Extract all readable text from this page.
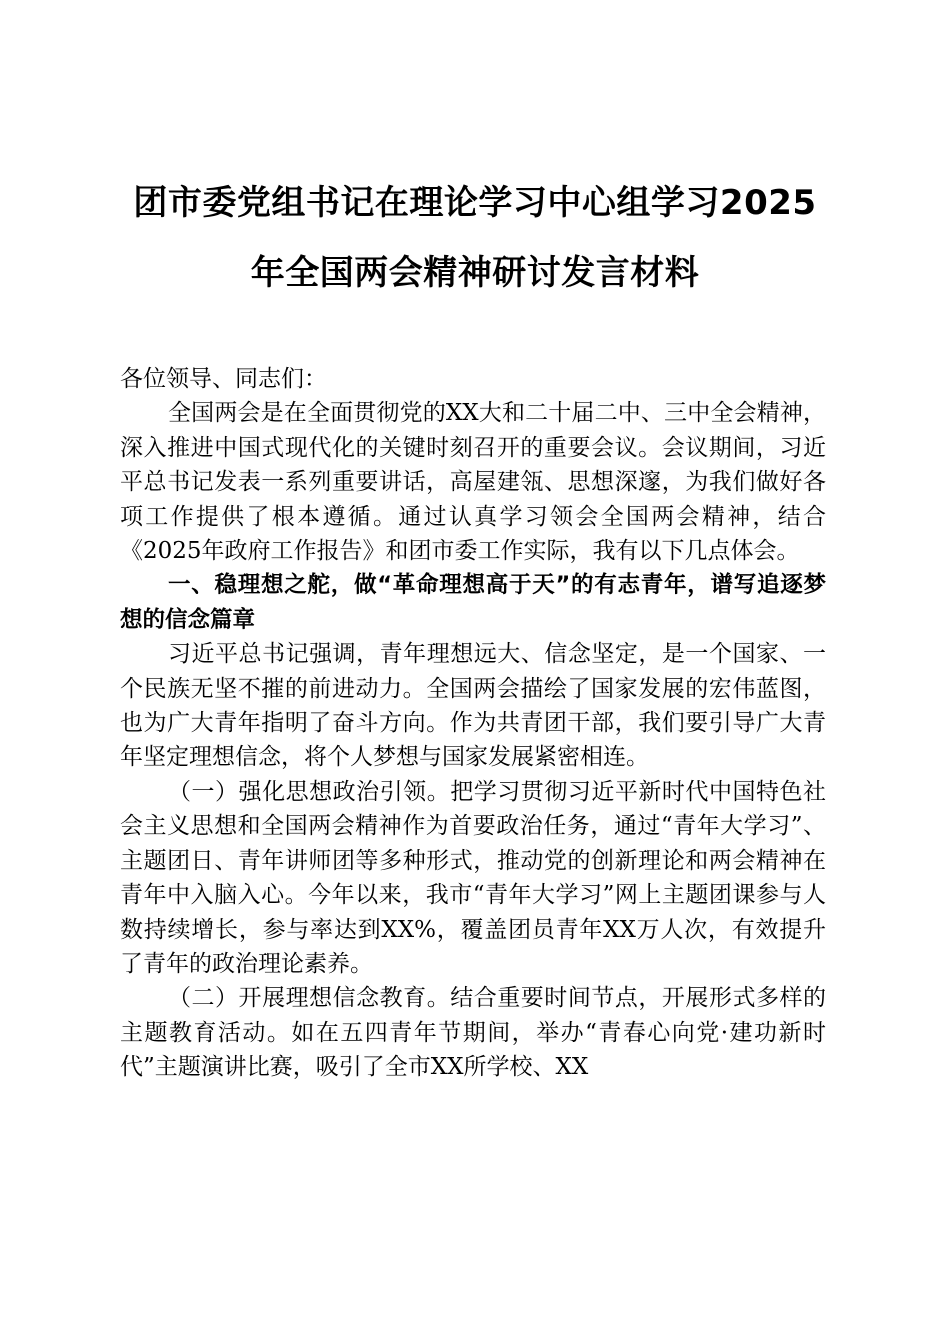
团市委党组书记在理论学习中心组学习2025
年全国两会精神研讨发言材料

各位领导、同志们：

全国两会是在全面贯彻党的XX大和二十届二中、三中全会精神，深入推进中国式现代化的关键时刻召开的重要会议。会议期间，习近平总书记发表一系列重要讲话，高屋建瓴、思想深邃，为我们做好各项工作提供了根本遵循。通过认真学习领会全国两会精神，结合《2025年政府工作报告》和团市委工作实际，我有以下几点体会。

一、稳理想之舵，做“革命理想高于天”的有志青年，谱写追逐梦想的信念篇章

习近平总书记强调，青年理想远大、信念坚定，是一个国家、一个民族无坚不摧的前进动力。全国两会描绘了国家发展的宏伟蓝图，也为广大青年指明了奋斗方向。作为共青团干部，我们要引导广大青年坚定理想信念，将个人梦想与国家发展紧密相连。

（一）强化思想政治引领。把学习贯彻习近平新时代中国特色社会主义思想和全国两会精神作为首要政治任务，通过“青年大学习”、主题团日、青年讲师团等多种形式，推动党的创新理论和两会精神在青年中入脑入心。今年以来，我市“青年大学习”网上主题团课参与人数持续增长，参与率达到XX%，覆盖团员青年XX万人次，有效提升了青年的政治理论素养。

（二）开展理想信念教育。结合重要时间节点，开展形式多样的主题教育活动。如在五四青年节期间，举办“青春心向党·建功新时代”主题演讲比赛，吸引了全市XX所学校、XX
